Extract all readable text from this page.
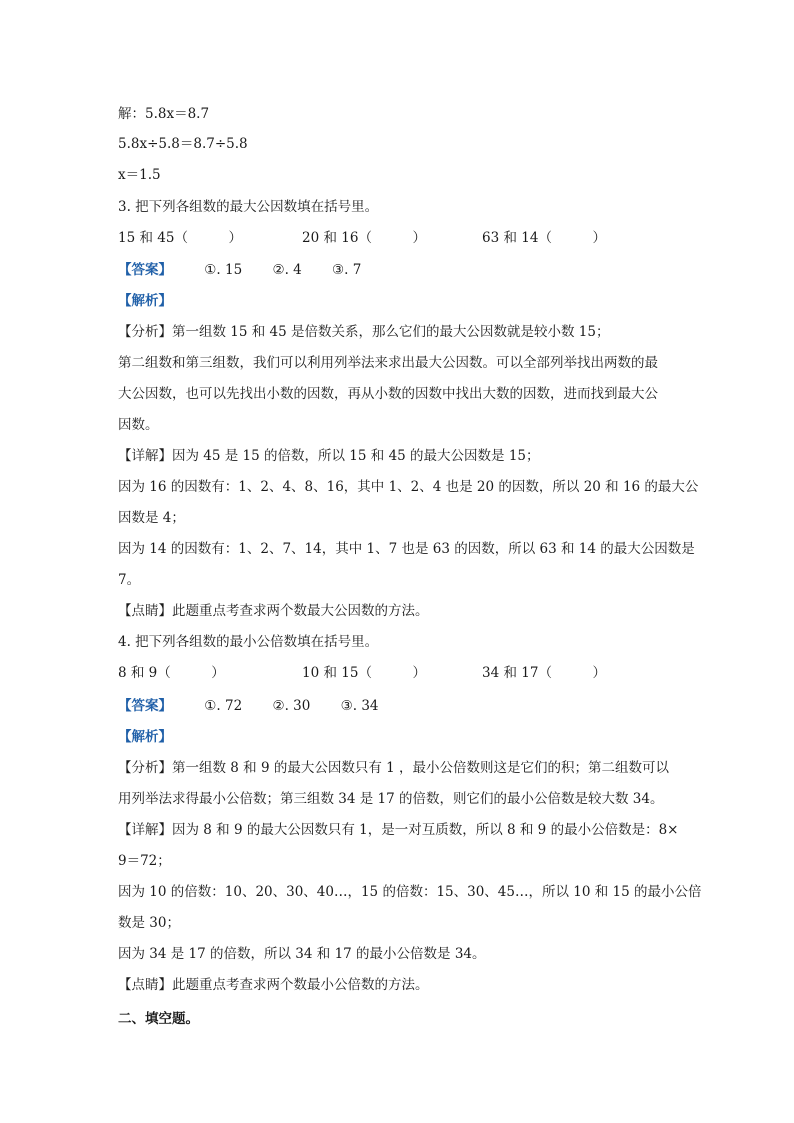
解：5.8x＝8.7
5.8x÷5.8＝8.7÷5.8
x＝1.5
3. 把下列各组数的最大公因数填在括号里。
15 和 45（　　　）	20 和 16（　　　）	63 和 14（　　　）
【答案】 ①. 15 ②. 4 ③. 7
【解析】
【分析】第一组数 15 和 45 是倍数关系，那么它们的最大公因数就是较小数 15；
第二组数和第三组数，我们可以利用列举法来求出最大公因数。可以全部列举找出两数的最
大公因数，也可以先找出小数的因数，再从小数的因数中找出大数的因数，进而找到最大公
因数。
【详解】因为 45 是 15 的倍数，所以 15 和 45 的最大公因数是 15；
因为 16 的因数有：1、2、4、8、16，其中 1、2、4 也是 20 的因数，所以 20 和 16 的最大公
因数是 4；
因为 14 的因数有：1、2、7、14，其中 1、7 也是 63 的因数，所以 63 和 14 的最大公因数是
7。
【点睛】此题重点考查求两个数最大公因数的方法。
4. 把下列各组数的最小公倍数填在括号里。
8 和 9（　　　）	10 和 15（　　　）	34 和 17（　　　）
【答案】 ①. 72 ②. 30 ③. 34
【解析】
【分析】第一组数 8 和 9 的最大公因数只有 1 ，最小公倍数则这是它们的积；第二组数可以
用列举法求得最小公倍数；第三组数 34 是 17 的倍数，则它们的最小公倍数是较大数 34。
【详解】因为 8 和 9 的最大公因数只有 1，是一对互质数，所以 8 和 9 的最小公倍数是：8×
9＝72；
因为 10 的倍数：10、20、30、40…，15 的倍数：15、30、45…，所以 10 和 15 的最小公倍
数是 30；
因为 34 是 17 的倍数，所以 34 和 17 的最小公倍数是 34。
【点睛】此题重点考查求两个数最小公倍数的方法。
二、填空题。
